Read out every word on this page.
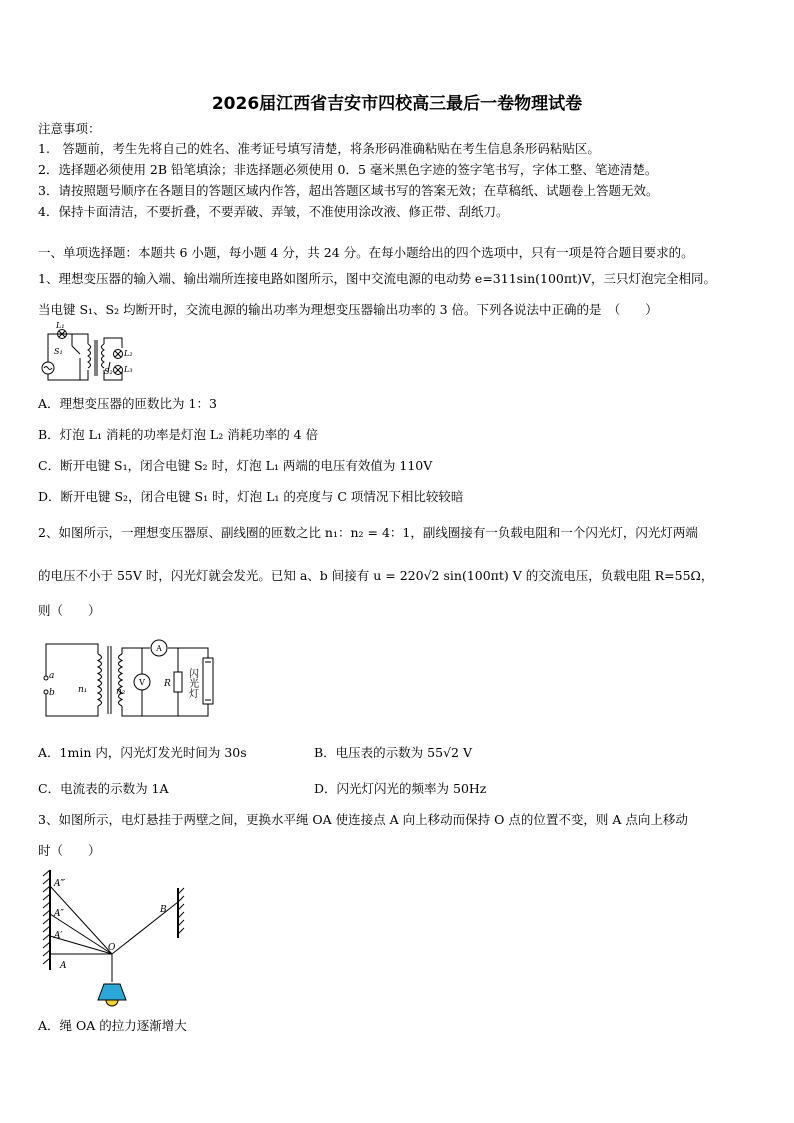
2026届江西省吉安市四校高三最后一卷物理试卷
注意事项：
1.　答题前，考生先将自己的姓名、准考证号填写清楚，将条形码准确粘贴在考生信息条形码粘贴区。
2．选择题必须使用 2B 铅笔填涂；非选择题必须使用 0．5 毫米黑色字迹的签字笔书写，字体工整、笔迹清楚。
3．请按照题号顺序在各题目的答题区域内作答，超出答题区域书写的答案无效；在草稿纸、试题卷上答题无效。
4．保持卡面清洁，不要折叠，不要弄破、弄皱，不准使用涂改液、修正带、刮纸刀。
一、单项选择题：本题共 6 小题，每小题 4 分，共 24 分。在每小题给出的四个选项中，只有一项是符合题目要求的。
1、理想变压器的输入端、输出端所连接电路如图所示，图中交流电源的电动势 e=311sin(100πt)V，三只灯泡完全相同。
当电键 S₁、S₂ 均断开时，交流电源的输出功率为理想变压器输出功率的 3 倍。下列各说法中正确的是　（　　）
L₁
S₁	L₂
S₂ L₃
A．理想变压器的匝数比为 1：3
B．灯泡 L₁ 消耗的功率是灯泡 L₂ 消耗功率的 4 倍
C．断开电键 S₁，闭合电键 S₂ 时，灯泡 L₁ 两端的电压有效值为 110V
D．断开电键 S₂，闭合电键 S₁ 时，灯泡 L₁ 的亮度与 C 项情况下相比较较暗
2、如图所示，一理想变压器原、副线圈的匝数之比 n₁：n₂ = 4：1，副线圈接有一负载电阻和一个闪光灯，闪光灯两端
的电压不小于 55V 时，闪光灯就会发光。已知 a、b 间接有 u = 220√2 sin(100πt) V 的交流电压，负载电阻 R=55Ω，
则（　　）
a
b	n₁	n₂
R
A
V	闪光灯
A．1min 内，闪光灯发光时间为 30s	B．电压表的示数为 55√2 V
C．电流表的示数为 1A	D．闪光灯闪光的频率为 50Hz
3、如图所示，电灯悬挂于两壁之间，更换水平绳 OA 使连接点 A 向上移动而保持 O 点的位置不变，则 A 点向上移动
时（　　）
A‴
A″
A′
A
O
B
A．绳 OA 的拉力逐渐增大
